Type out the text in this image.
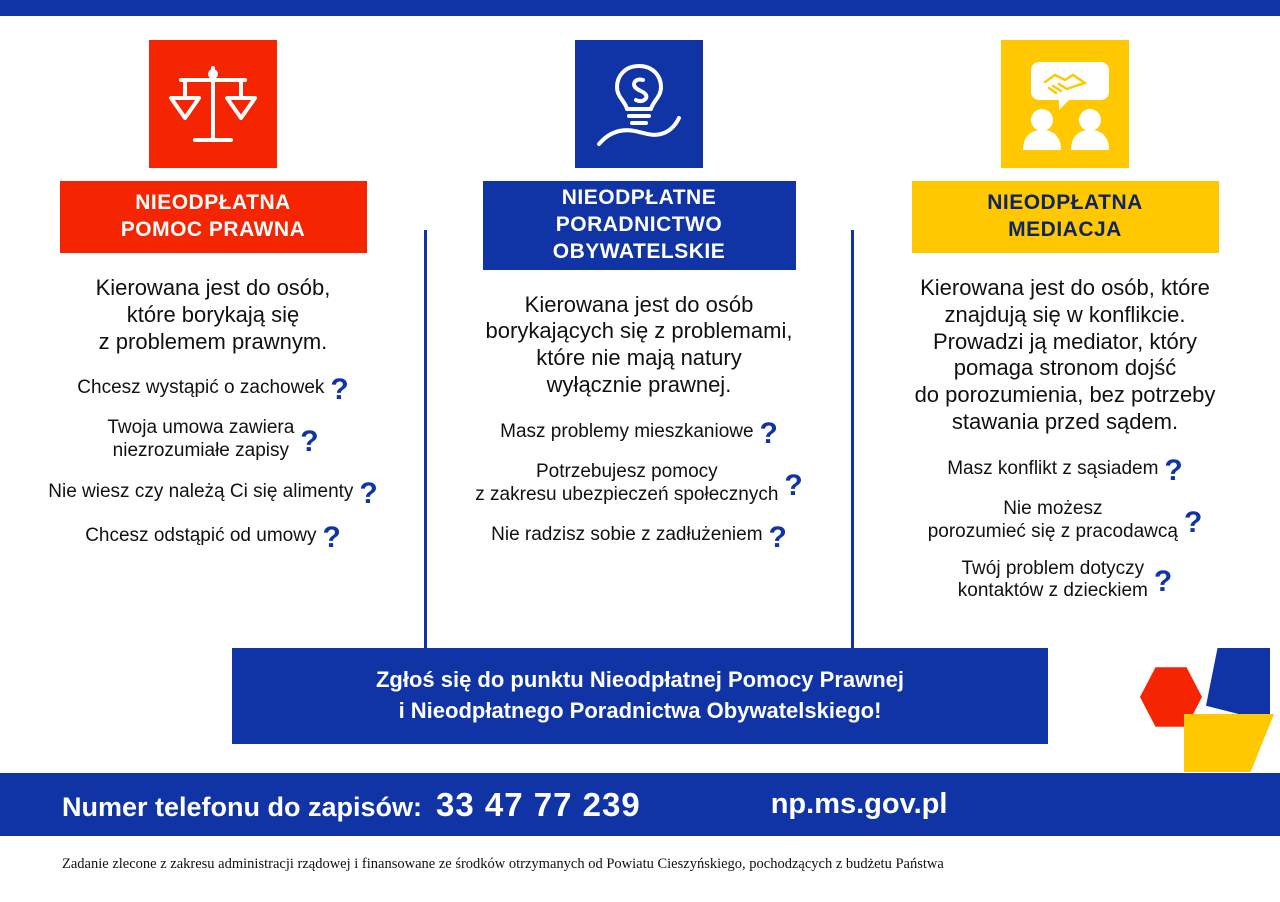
NIEODPŁATNA
POMOC PRAWNA
Kierowana jest do osób,
które borykają się
z problemem prawnym.
Chcesz wystąpić o zachowek ?
Twoja umowa zawiera
niezrozumiałe zapisy ?
Nie wiesz czy należą Ci się alimenty ?
Chcesz odstąpić od umowy ?
NIEODPŁATNE
PORADNICTWO OBYWATELSKIE
Kierowana jest do osób
borykających się z problemami,
które nie mają natury
wyłącznie prawnej.
Masz problemy mieszkaniowe ?
Potrzebujesz pomocy
z zakresu ubezpieczeń społecznych ?
Nie radzisz sobie z zadłużeniem ?
NIEODPŁATNA
MEDIACJA
Kierowana jest do osób, które
znajdują się w konflikcie.
Prowadzi ją mediator, który
pomaga stronom dojść
do porozumienia, bez potrzeby
stawania przed sądem.
Masz konflikt z sąsiadem ?
Nie możesz
porozumieć się z pracodawcą ?
Twój problem dotyczy
kontaktów z dzieckiem ?
Zgłoś się do punktu Nieodpłatnej Pomocy Prawnej
i Nieodpłatnego Poradnictwa Obywatelskiego!
Numer telefonu do zapisów: 33 47 77 239	np.ms.gov.pl
Zadanie zlecone z zakresu administracji rządowej i finansowane ze środków otrzymanych od Powiatu Cieszyńskiego, pochodzących z budżetu Państwa
